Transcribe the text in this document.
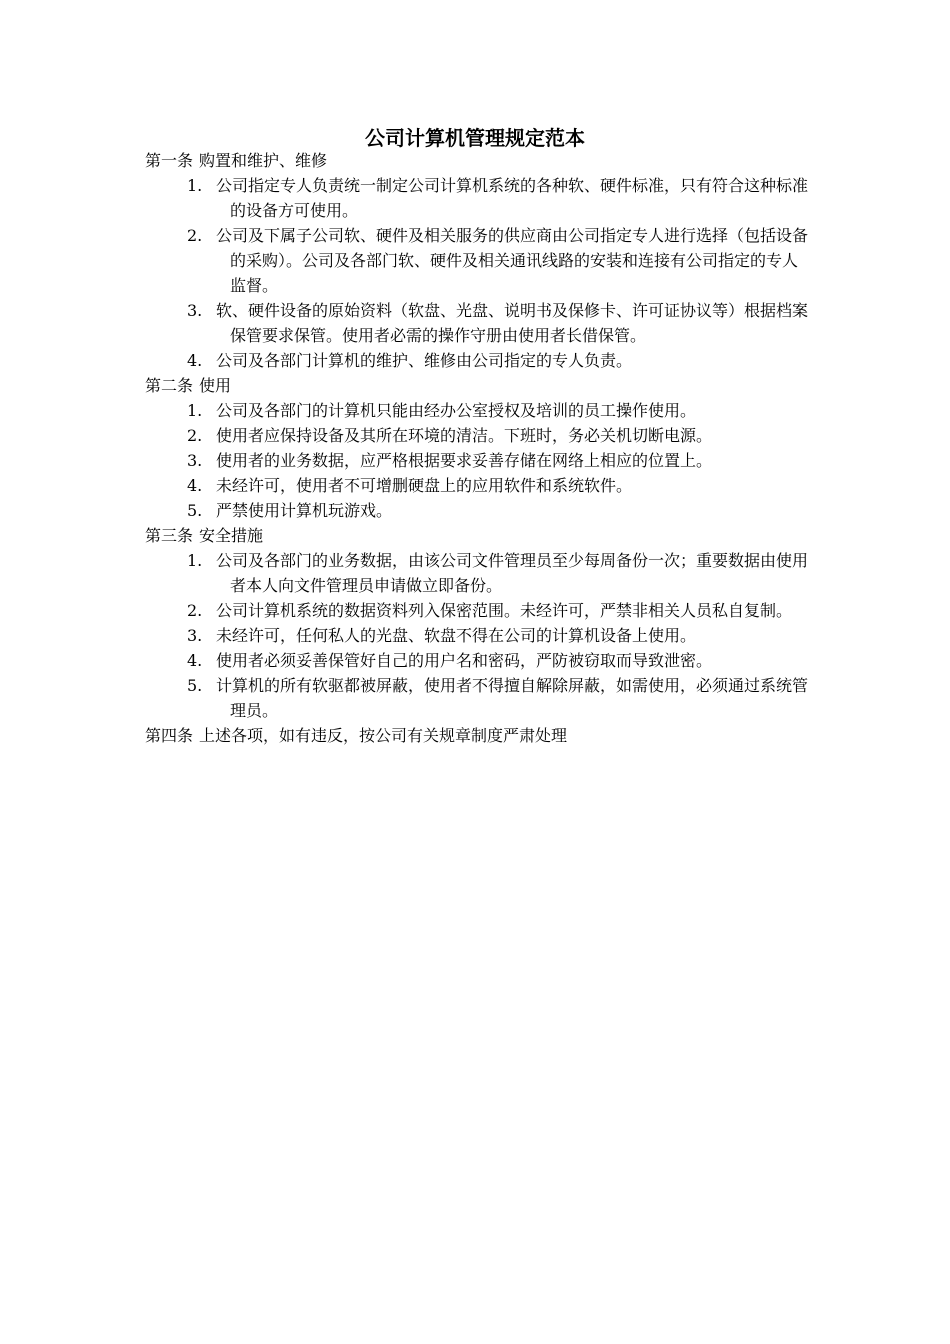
公司计算机管理规定范本
第一条 购置和维护、维修
1. 公司指定专人负责统一制定公司计算机系统的各种软、硬件标准，只有符合这种标准的设备方可使用。
2. 公司及下属子公司软、硬件及相关服务的供应商由公司指定专人进行选择（包括设备的采购）。公司及各部门软、硬件及相关通讯线路的安装和连接有公司指定的专人监督。
3. 软、硬件设备的原始资料（软盘、光盘、说明书及保修卡、许可证协议等）根据档案保管要求保管。使用者必需的操作守册由使用者长借保管。
4. 公司及各部门计算机的维护、维修由公司指定的专人负责。
第二条 使用
1. 公司及各部门的计算机只能由经办公室授权及培训的员工操作使用。
2. 使用者应保持设备及其所在环境的清洁。下班时，务必关机切断电源。
3. 使用者的业务数据，应严格根据要求妥善存储在网络上相应的位置上。
4. 未经许可，使用者不可增删硬盘上的应用软件和系统软件。
5. 严禁使用计算机玩游戏。
第三条 安全措施
1. 公司及各部门的业务数据，由该公司文件管理员至少每周备份一次；重要数据由使用者本人向文件管理员申请做立即备份。
2. 公司计算机系统的数据资料列入保密范围。未经许可，严禁非相关人员私自复制。
3. 未经许可，任何私人的光盘、软盘不得在公司的计算机设备上使用。
4. 使用者必须妥善保管好自己的用户名和密码，严防被窃取而导致泄密。
5. 计算机的所有软驱都被屏蔽，使用者不得擅自解除屏蔽，如需使用，必须通过系统管理员。
第四条 上述各项，如有违反，按公司有关规章制度严肃处理
